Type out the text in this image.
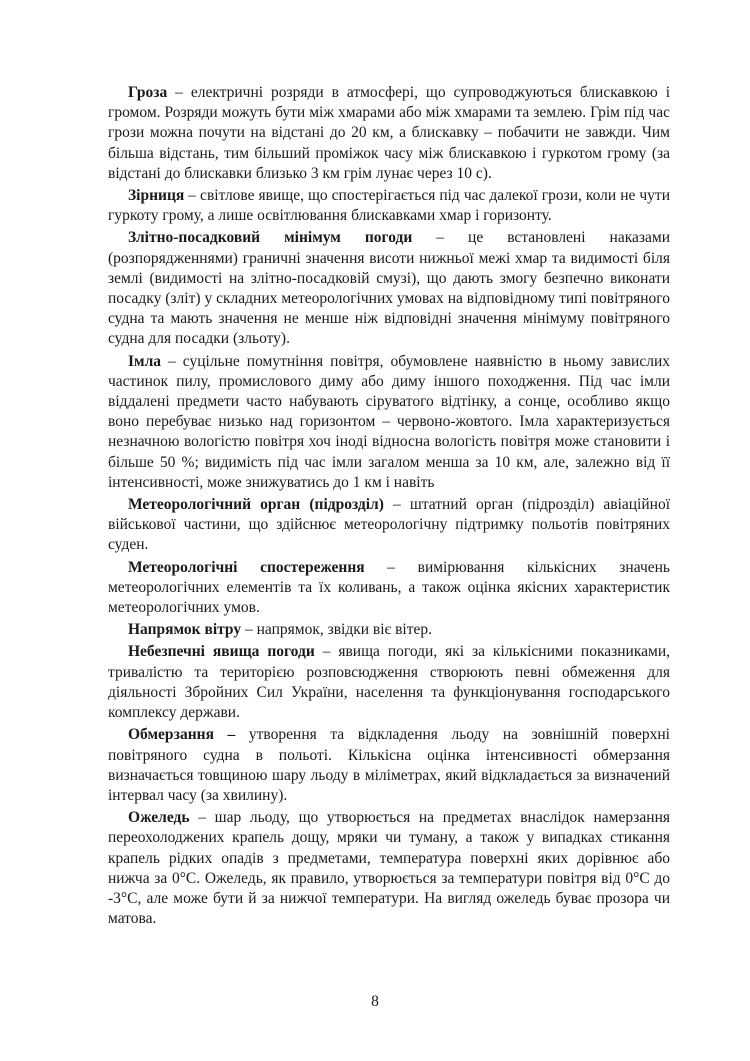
Гроза – електричні розряди в атмосфері, що супроводжуються блискавкою і громом. Розряди можуть бути між хмарами або між хмарами та землею. Грім під час грози можна почути на відстані до 20 км, а блискавку – побачити не завжди. Чим більша відстань, тим більший проміжок часу між блискавкою і гуркотом грому (за відстані до блискавки близько 3 км грім лунає через 10 с).

Зірниця – світлове явище, що спостерігається під час далекої грози, коли не чути гуркоту грому, а лише освітлювання блискавками хмар і горизонту.

Злітно-посадковий мінімум погоди – це встановлені наказами (розпорядженнями) граничні значення висоти нижньої межі хмар та видимості біля землі (видимості на злітно-посадковій смузі), що дають змогу безпечно виконати посадку (зліт) у складних метеорологічних умовах на відповідному типі повітряного судна та мають значення не менше ніж відповідні значення мінімуму повітряного судна для посадки (зльоту).

Імла – суцільне помутніння повітря, обумовлене наявністю в ньому завислих частинок пилу, промислового диму або диму іншого походження. Під час імли віддалені предмети часто набувають сіруватого відтінку, а сонце, особливо якщо воно перебуває низько над горизонтом – червоно-жовтого. Імла характеризується незначною вологістю повітря хоч іноді відносна вологість повітря може становити і більше 50 %; видимість під час імли загалом менша за 10 км, але, залежно від її інтенсивності, може знижуватись до 1 км і навіть

Метеорологічний орган (підрозділ) – штатний орган (підрозділ) авіаційної військової частини, що здійснює метеорологічну підтримку польотів повітряних суден.

Метеорологічні спостереження – вимірювання кількісних значень метеорологічних елементів та їх коливань, а також оцінка якісних характеристик метеорологічних умов.

Напрямок вітру – напрямок, звідки віє вітер.

Небезпечні явища погоди – явища погоди, які за кількісними показниками, тривалістю та територією розповсюдження створюють певні обмеження для діяльності Збройних Сил України, населення та функціонування господарського комплексу держави.

Обмерзання – утворення та відкладення льоду на зовнішній поверхні повітряного судна в польоті. Кількісна оцінка інтенсивності обмерзання визначається товщиною шару льоду в міліметрах, який відкладається за визначений інтервал часу (за хвилину).

Ожеледь – шар льоду, що утворюється на предметах внаслідок намерзання переохолоджених крапель дощу, мряки чи туману, а також у випадках стикання крапель рідких опадів з предметами, температура поверхні яких дорівнює або нижча за 0°С. Ожеледь, як правило, утворюється за температури повітря від 0°С до -3°С, але може бути й за нижчої температури. На вигляд ожеледь буває прозора чи матова.

8
